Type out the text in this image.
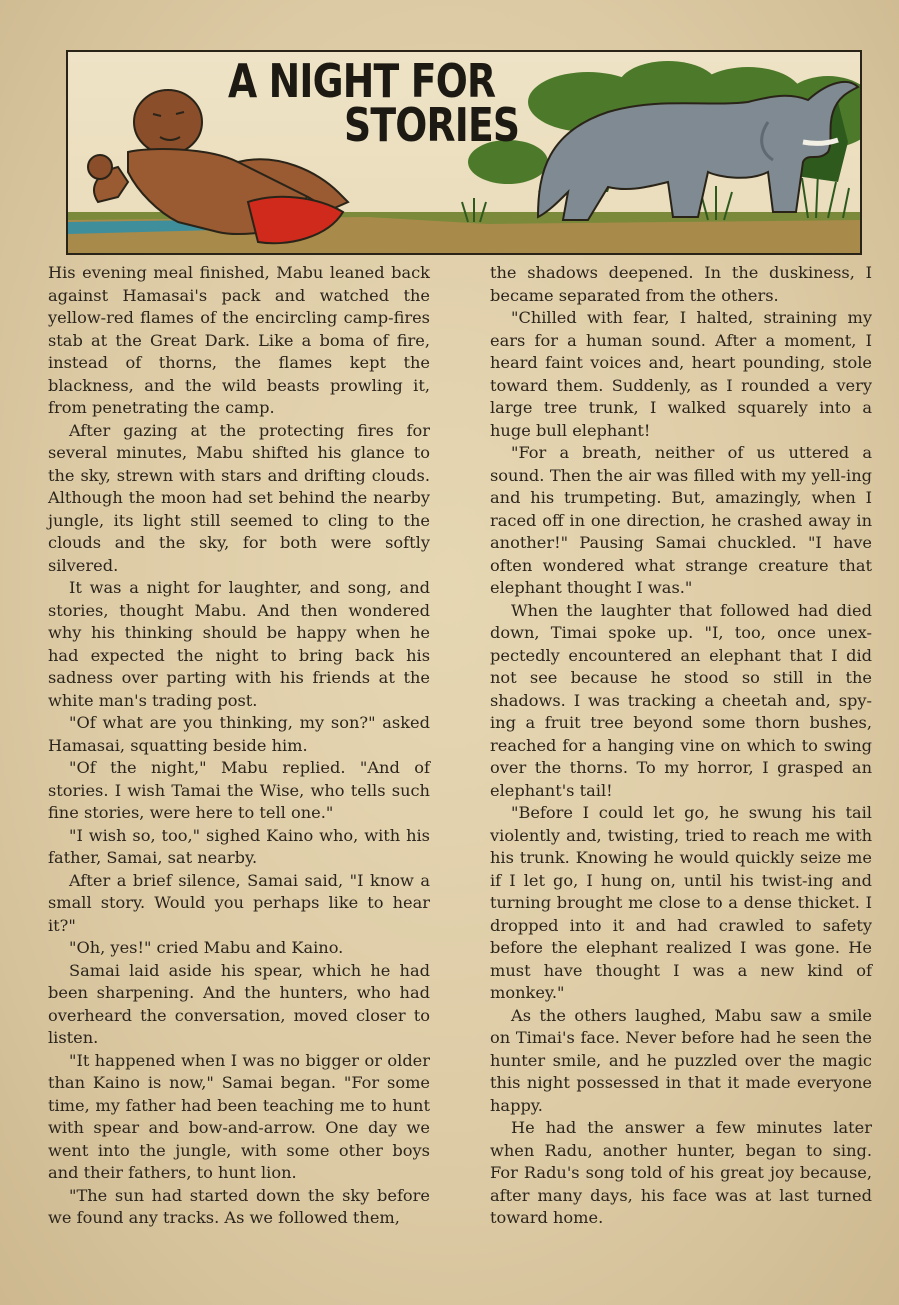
A NIGHT FOR
STORIES

His evening meal finished, Mabu leaned back against Hamasai's pack and watched the yellow-red flames of the encircling camp-fires stab at the Great Dark. Like a boma of fire, instead of thorns, the flames kept the blackness, and the wild beasts prowling it, from penetrating the camp.

After gazing at the protecting fires for several minutes, Mabu shifted his glance to the sky, strewn with stars and drifting clouds. Although the moon had set behind the nearby jungle, its light still seemed to cling to the clouds and the sky, for both were softly silvered.

It was a night for laughter, and song, and stories, thought Mabu. And then wondered why his thinking should be happy when he had expected the night to bring back his sadness over parting with his friends at the white man's trading post.

"Of what are you thinking, my son?" asked Hamasai, squatting beside him.

"Of the night," Mabu replied. "And of stories. I wish Tamai the Wise, who tells such fine stories, were here to tell one."

"I wish so, too," sighed Kaino who, with his father, Samai, sat nearby.

After a brief silence, Samai said, "I know a small story. Would you perhaps like to hear it?"

"Oh, yes!" cried Mabu and Kaino.

Samai laid aside his spear, which he had been sharpening. And the hunters, who had overheard the conversation, moved closer to listen.

"It happened when I was no bigger or older than Kaino is now," Samai began. "For some time, my father had been teaching me to hunt with spear and bow-and-arrow. One day we went into the jungle, with some other boys and their fathers, to hunt lion.

"The sun had started down the sky before we found any tracks. As we followed them,

the shadows deepened. In the duskiness, I became separated from the others.

"Chilled with fear, I halted, straining my ears for a human sound. After a moment, I heard faint voices and, heart pounding, stole toward them. Suddenly, as I rounded a very large tree trunk, I walked squarely into a huge bull elephant!

"For a breath, neither of us uttered a sound. Then the air was filled with my yell-ing and his trumpeting. But, amazingly, when I raced off in one direction, he crashed away in another!" Pausing Samai chuckled. "I have often wondered what strange creature that elephant thought I was."

When the laughter that followed had died down, Timai spoke up. "I, too, once unex-pectedly encountered an elephant that I did not see because he stood so still in the shadows. I was tracking a cheetah and, spy-ing a fruit tree beyond some thorn bushes, reached for a hanging vine on which to swing over the thorns. To my horror, I grasped an elephant's tail!

"Before I could let go, he swung his tail violently and, twisting, tried to reach me with his trunk. Knowing he would quickly seize me if I let go, I hung on, until his twist-ing and turning brought me close to a dense thicket. I dropped into it and had crawled to safety before the elephant realized I was gone. He must have thought I was a new kind of monkey."

As the others laughed, Mabu saw a smile on Timai's face. Never before had he seen the hunter smile, and he puzzled over the magic this night possessed in that it made everyone happy.

He had the answer a few minutes later when Radu, another hunter, began to sing. For Radu's song told of his great joy because, after many days, his face was at last turned toward home.
